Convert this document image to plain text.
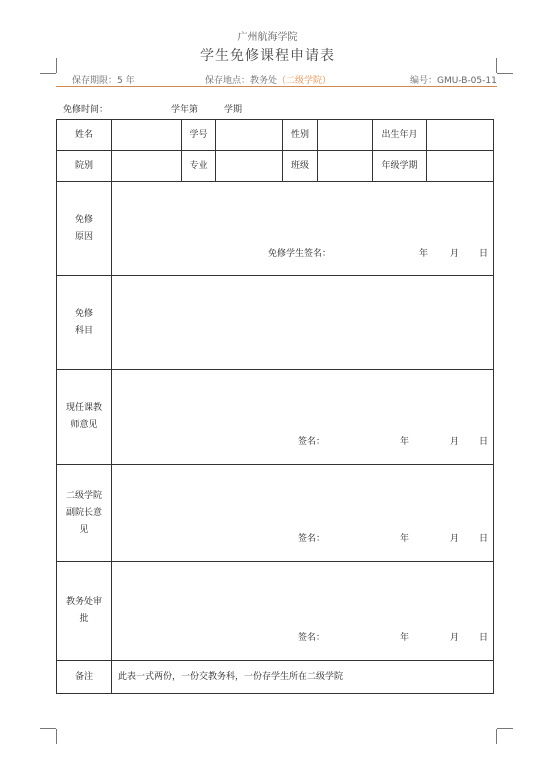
广州航海学院
学生免修课程申请表
保存期限：5 年	保存地点：教务处（二级学院）	编号：GMU-B-05-11
免修时间：	学年第	学期
姓名		学号		性别		出生年月	
院别		专业		班级		年级学期	

免修原因	免修学生签名： 年 月 日						

免修科目							

现任课教师意见	签名： 年 月 日						

二级学院副院长意见	签名： 年 月 日						

教务处审批	签名： 年 月 日						

备注	此表一式两份，一份交教务科，一份存学生所在二级学院						
